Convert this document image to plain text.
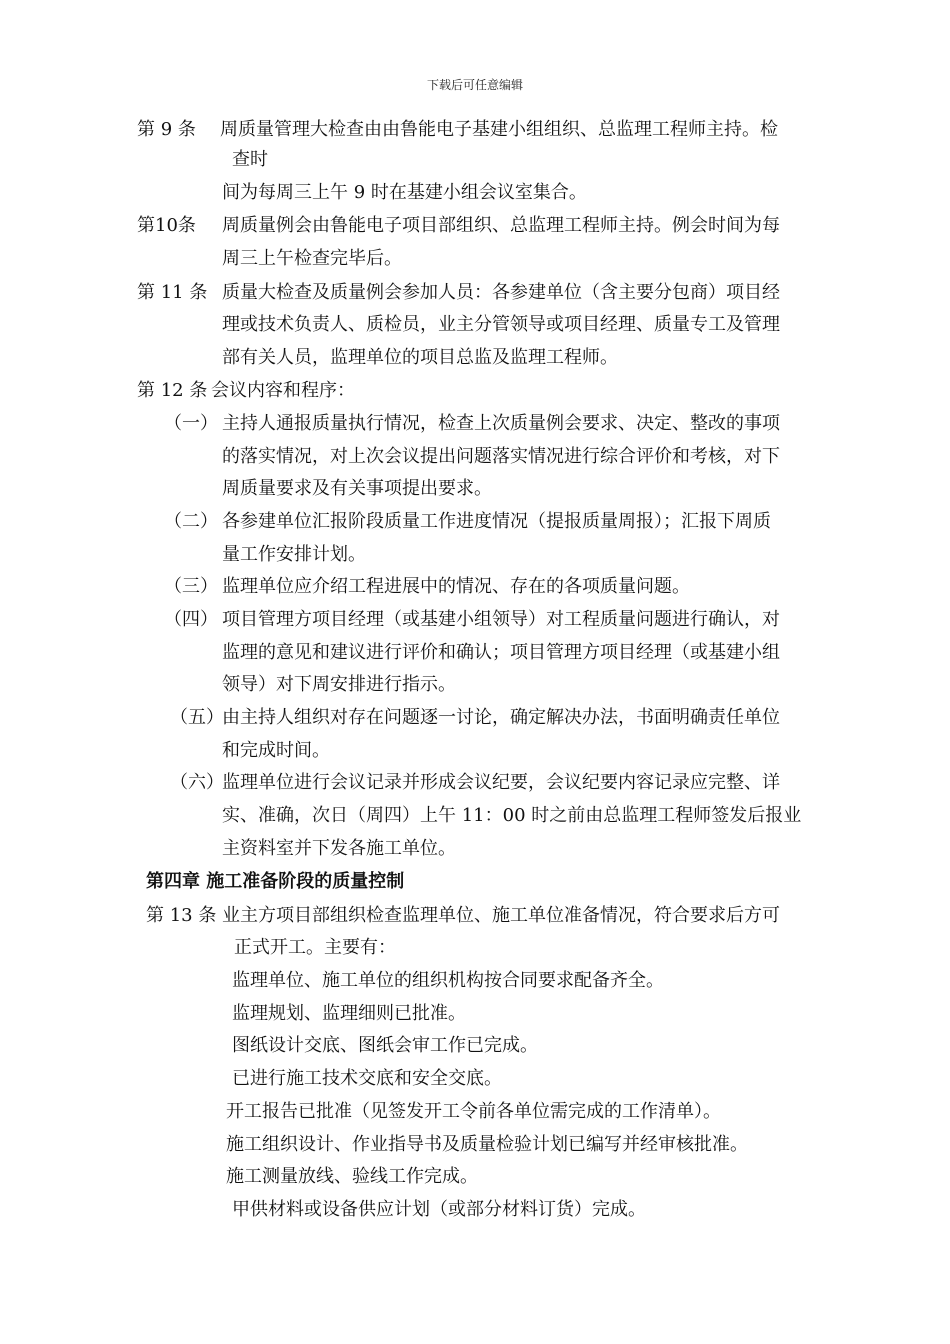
下载后可任意编辑
第 9 条 周质量管理大检查由由鲁能电子基建小组组织、总监理工程师主持。检
查时
间为每周三上午 9 时在基建小组会议室集合。
第10条 周质量例会由鲁能电子项目部组织、总监理工程师主持。例会时间为每
周三上午检查完毕后。
第 11 条 质量大检查及质量例会参加人员：各参建单位（含主要分包商）项目经
理或技术负责人、质检员，业主分管领导或项目经理、质量专工及管理
部有关人员，监理单位的项目总监及监理工程师。
第 12 条 会议内容和程序：
（一） 主持人通报质量执行情况，检查上次质量例会要求、决定、整改的事项
的落实情况，对上次会议提出问题落实情况进行综合评价和考核，对下
周质量要求及有关事项提出要求。
（二） 各参建单位汇报阶段质量工作进度情况（提报质量周报）；汇报下周质
量工作安排计划。
（三） 监理单位应介绍工程进展中的情况、存在的各项质量问题。
（四） 项目管理方项目经理（或基建小组领导）对工程质量问题进行确认，对
监理的意见和建议进行评价和确认；项目管理方项目经理（或基建小组
领导）对下周安排进行指示。
（五）
由主持人组织对存在问题逐一讨论，确定解决办法，书面明确责任单位
和完成时间。
（六）
监理单位进行会议记录并形成会议纪要，会议纪要内容记录应完整、详
实、准确，次日（周四）上午 11：00 时之前由总监理工程师签发后报业
主资料室并下发各施工单位。
第四章 施工准备阶段的质量控制
第 13 条 业主方项目部组织检查监理单位、施工单位准备情况，符合要求后方可
正式开工。主要有：
监理单位、施工单位的组织机构按合同要求配备齐全。
监理规划、监理细则已批准。
图纸设计交底、图纸会审工作已完成。
已进行施工技术交底和安全交底。
开工报告已批准（见签发开工令前各单位需完成的工作清单）。
施工组织设计、作业指导书及质量检验计划已编写并经审核批准。
施工测量放线、验线工作完成。
甲供材料或设备供应计划（或部分材料订货）完成。
